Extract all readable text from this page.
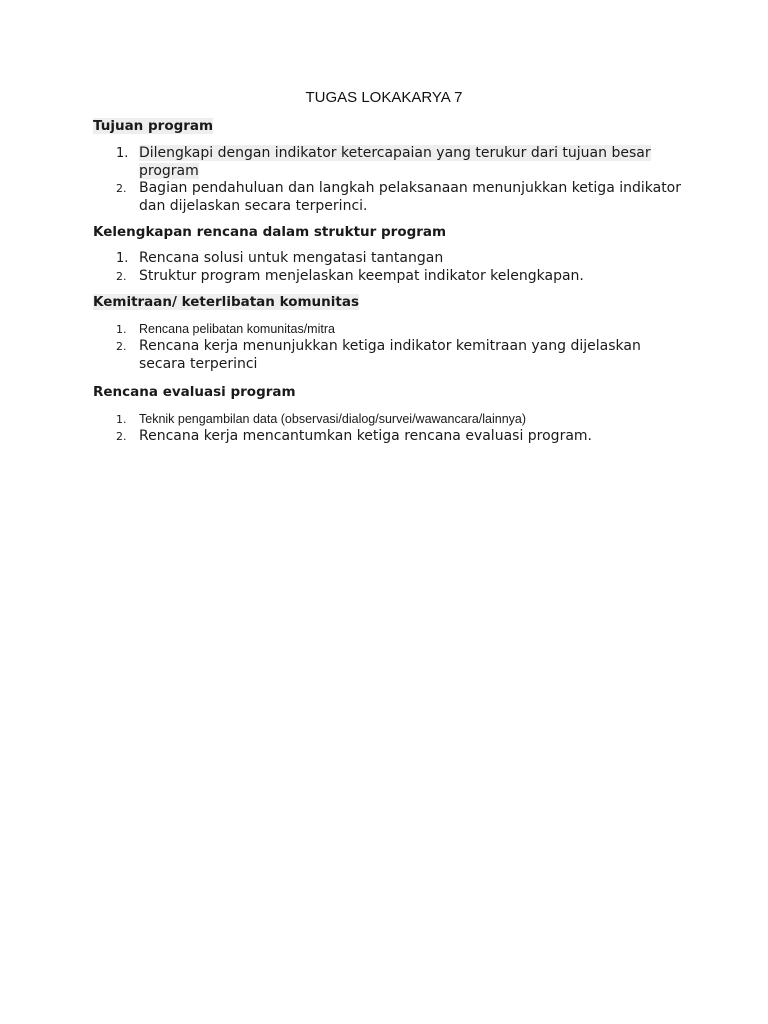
TUGAS LOKAKARYA 7

Tujuan program

1. Dilengkapi dengan indikator ketercapaian yang terukur dari tujuan besar program
2. Bagian pendahuluan dan langkah pelaksanaan menunjukkan ketiga indikator dan dijelaskan secara terperinci.

Kelengkapan rencana dalam struktur program

1. Rencana solusi untuk mengatasi tantangan
2. Struktur program menjelaskan keempat indikator kelengkapan.

Kemitraan/ keterlibatan komunitas

1. Rencana pelibatan komunitas/mitra
2. Rencana kerja menunjukkan ketiga indikator kemitraan yang dijelaskan secara terperinci

Rencana evaluasi program

1. Teknik pengambilan data (observasi/dialog/survei/wawancara/lainnya)
2. Rencana kerja mencantumkan ketiga rencana evaluasi program.
